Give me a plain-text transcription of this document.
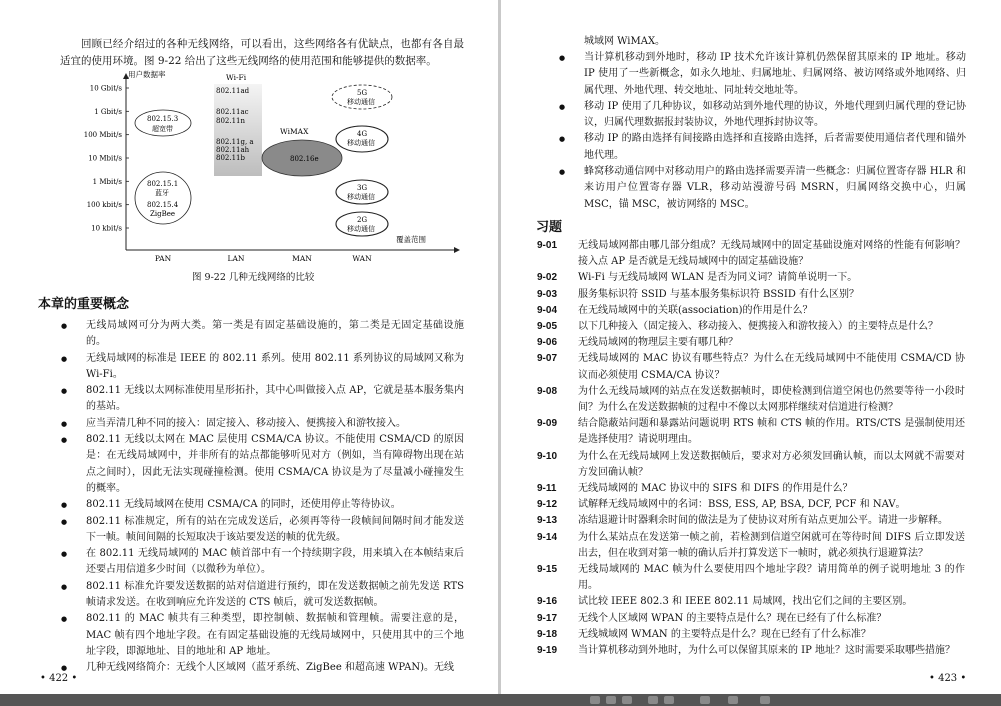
回顾已经介绍过的各种无线网络，可以看出，这些网络各有优缺点，也都有各自最适宜的使用环境。图 9-22 给出了这些无线网络的使用范围和能够提供的数据率。
用户数据率
覆盖范围
10 Gbit/s
1 Gbit/s
100 Mbit/s
10 Mbit/s
1 Mbit/s
100 kbit/s
10 kbit/s
PAN	LAN	MAN	WAN
Wi-Fi
802.11ad
802.11ac
802.11n
802.11g, a
802.11ah
802.11b
WiMAX
802.16e
802.15.3
超宽带
802.15.1
蓝牙
802.15.4
ZigBee
5G
移动通信
4G
移动通信
3G
移动通信
2G
移动通信
图 9-22 几种无线网络的比较
本章的重要概念
● 无线局域网可分为两大类。第一类是有固定基础设施的，第二类是无固定基础设施的。
● 无线局域网的标准是 IEEE 的 802.11 系列。使用 802.11 系列协议的局域网又称为 Wi-Fi。
● 802.11 无线以太网标准使用星形拓扑，其中心叫做接入点 AP，它就是基本服务集内的基站。
● 应当弄清几种不同的接入：固定接入、移动接入、便携接入和游牧接入。
● 802.11 无线以太网在 MAC 层使用 CSMA/CA 协议。不能使用 CSMA/CD 的原因是：在无线局域网中，并非所有的站点都能够听见对方（例如，当有障碍物出现在站点之间时），因此无法实现碰撞检测。使用 CSMA/CA 协议是为了尽量减小碰撞发生的概率。
● 802.11 无线局域网在使用 CSMA/CA 的同时，还使用停止等待协议。
● 802.11 标准规定，所有的站在完成发送后，必须再等待一段帧间间隔时间才能发送下一帧。帧间间隔的长短取决于该站要发送的帧的优先级。
● 在 802.11 无线局域网的 MAC 帧首部中有一个持续期字段，用来填入在本帧结束后还要占用信道多少时间（以微秒为单位）。
● 802.11 标准允许要发送数据的站对信道进行预约，即在发送数据帧之前先发送 RTS 帧请求发送。在收到响应允许发送的 CTS 帧后，就可发送数据帧。
● 802.11 的 MAC 帧共有三种类型，即控制帧、数据帧和管理帧。需要注意的是，MAC 帧有四个地址字段。在有固定基础设施的无线局域网中，只使用其中的三个地址字段，即源地址、目的地址和 AP 地址。
● 几种无线网络简介：无线个人区域网（蓝牙系统、ZigBee 和超高速 WPAN)。无线
• 422 •
城域网 WiMAX。
● 当计算机移动到外地时，移动 IP 技术允许该计算机仍然保留其原来的 IP 地址。移动 IP 使用了一些新概念，如永久地址、归属地址、归属网络、被访网络或外地网络、归属代理、外地代理、转交地址、同址转交地址等。
● 移动 IP 使用了几种协议，如移动站到外地代理的协议，外地代理到归属代理的登记协议，归属代理数据报封装协议，外地代理拆封协议等。
● 移动 IP 的路由选择有间接路由选择和直接路由选择，后者需要使用通信者代理和锚外地代理。
● 蜂窝移动通信网中对移动用户的路由选择需要弄清一些概念：归属位置寄存器 HLR 和来访用户位置寄存器 VLR，移动站漫游号码 MSRN，归属网络交换中心，归属 MSC，锚 MSC，被访网络的 MSC。
习题
9-01 无线局域网都由哪几部分组成？无线局域网中的固定基础设施对网络的性能有何影响？接入点 AP 是否就是无线局域网中的固定基础设施？
9-02 Wi-Fi 与无线局域网 WLAN 是否为同义词？请简单说明一下。
9-03 服务集标识符 SSID 与基本服务集标识符 BSSID 有什么区别？
9-04 在无线局域网中的关联(association)的作用是什么？
9-05 以下几种接入（固定接入、移动接入、便携接入和游牧接入）的主要特点是什么？
9-06 无线局域网的物理层主要有哪几种？
9-07 无线局域网的 MAC 协议有哪些特点？为什么在无线局域网中不能使用 CSMA/CD 协议而必须使用 CSMA/CA 协议？
9-08 为什么无线局域网的站点在发送数据帧时，即使检测到信道空闲也仍然要等待一小段时间？为什么在发送数据帧的过程中不像以太网那样继续对信道进行检测？
9-09 结合隐蔽站问题和暴露站问题说明 RTS 帧和 CTS 帧的作用。RTS/CTS 是强制使用还是选择使用？请说明理由。
9-10 为什么在无线局域网上发送数据帧后，要求对方必须发回确认帧，而以太网就不需要对方发回确认帧？
9-11 无线局域网的 MAC 协议中的 SIFS 和 DIFS 的作用是什么？
9-12 试解释无线局域网中的名词：BSS, ESS, AP, BSA, DCF, PCF 和 NAV。
9-13 冻结退避计时器剩余时间的做法是为了使协议对所有站点更加公平。请进一步解释。
9-14 为什么某站点在发送第一帧之前，若检测到信道空闲就可在等待时间 DIFS 后立即发送出去，但在收到对第一帧的确认后并打算发送下一帧时，就必须执行退避算法？
9-15 无线局域网的 MAC 帧为什么要使用四个地址字段？请用简单的例子说明地址 3 的作用。
9-16 试比较 IEEE 802.3 和 IEEE 802.11 局域网，找出它们之间的主要区别。
9-17 无线个人区域网 WPAN 的主要特点是什么？现在已经有了什么标准？
9-18 无线城域网 WMAN 的主要特点是什么？现在已经有了什么标准？
9-19 当计算机移动到外地时，为什么可以保留其原来的 IP 地址？这时需要采取哪些措施？
• 423 •
